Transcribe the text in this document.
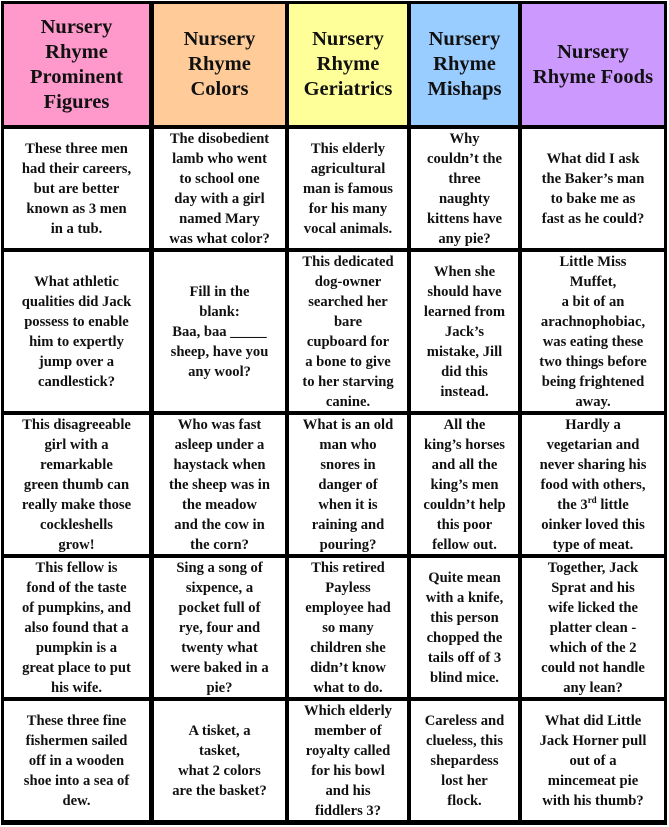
Nursery
Rhyme
Prominent
Figures
Nursery
Rhyme
Colors
Nursery
Rhyme
Geriatrics
Nursery
Rhyme
Mishaps
Nursery
Rhyme Foods
These three men
had their careers,
but are better
known as 3 men
in a tub.
The disobedient
lamb who went
to school one
day with a girl
named Mary
was what color?
This elderly
agricultural
man is famous
for his many
vocal animals.
Why
couldn’t the
three
naughty
kittens have
any pie?
What did I ask
the Baker’s man
to bake me as
fast as he could?
What athletic
qualities did Jack
possess to enable
him to expertly
jump over a
candlestick?
Fill in the
blank:
Baa, baa _____
sheep, have you
any wool?
This dedicated
dog-owner
searched her
bare
cupboard for
a bone to give
to her starving
canine.
When she
should have
learned from
Jack’s
mistake, Jill
did this
instead.
Little Miss
Muffet,
a bit of an
arachnophobiac,
was eating these
two things before
being frightened
away.
This disagreeable
girl with a
remarkable
green thumb can
really make those
cockleshells
grow!
Who was fast
asleep under a
haystack when
the sheep was in
the meadow
and the cow in
the corn?
What is an old
man who
snores in
danger of
when it is
raining and
pouring?
All the
king’s horses
and all the
king’s men
couldn’t help
this poor
fellow out.
Hardly a
vegetarian and
never sharing his
food with others,
the 3rd little
oinker loved this
type of meat.
This fellow is
fond of the taste
of pumpkins, and
also found that a
pumpkin is a
great place to put
his wife.
Sing a song of
sixpence, a
pocket full of
rye, four and
twenty what
were baked in a
pie?
This retired
Payless
employee had
so many
children she
didn’t know
what to do.
Quite mean
with a knife,
this person
chopped the
tails off of 3
blind mice.
Together, Jack
Sprat and his
wife licked the
platter clean -
which of the 2
could not handle
any lean?
These three fine
fishermen sailed
off in a wooden
shoe into a sea of
dew.
A tisket, a
tasket,
what 2 colors
are the basket?
Which elderly
member of
royalty called
for his bowl
and his
fiddlers 3?
Careless and
clueless, this
shepardess
lost her
flock.
What did Little
Jack Horner pull
out of a
mincemeat pie
with his thumb?
